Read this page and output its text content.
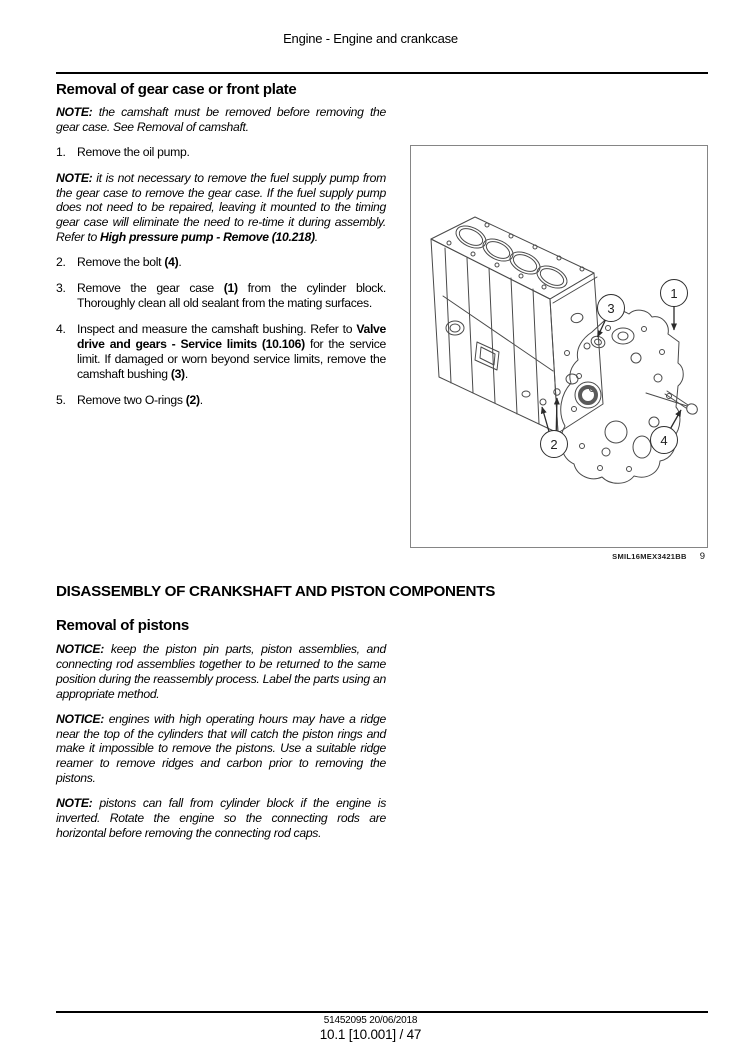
Engine - Engine and crankcase
Removal of gear case or front plate
NOTE: the camshaft must be removed before removing the gear case. See Removal of camshaft.
1. Remove the oil pump.
NOTE: it is not necessary to remove the fuel supply pump from the gear case to remove the gear case. If the fuel supply pump does not need to be repaired, leaving it mounted to the timing gear case will eliminate the need to re-time it during assembly. Refer to High pressure pump - Remove (10.218).
2. Remove the bolt (4).
3. Remove the gear case (1) from the cylinder block. Thoroughly clean all old sealant from the mating surfaces.
4. Inspect and measure the camshaft bushing. Refer to Valve drive and gears - Service limits (10.106) for the service limit. If damaged or worn beyond service limits, remove the camshaft bushing (3).
5. Remove two O-rings (2).
1
2
3
4
SMIL16MEX3421BB 9
DISASSEMBLY OF CRANKSHAFT AND PISTON COMPONENTS
Removal of pistons

NOTICE: keep the piston pin parts, piston assemblies, and connecting rod assemblies together to be returned to the same position during the reassembly process. Label the parts using an appropriate method.

NOTICE: engines with high operating hours may have a ridge near the top of the cylinders that will catch the piston rings and make it impossible to remove the pistons. Use a suitable ridge reamer to remove ridges and carbon prior to removing the pistons.

NOTE: pistons can fall from cylinder block if the engine is inverted. Rotate the engine so the connecting rods are horizontal before removing the connecting rod caps.

51452095 20/06/2018
10.1 [10.001] / 47
